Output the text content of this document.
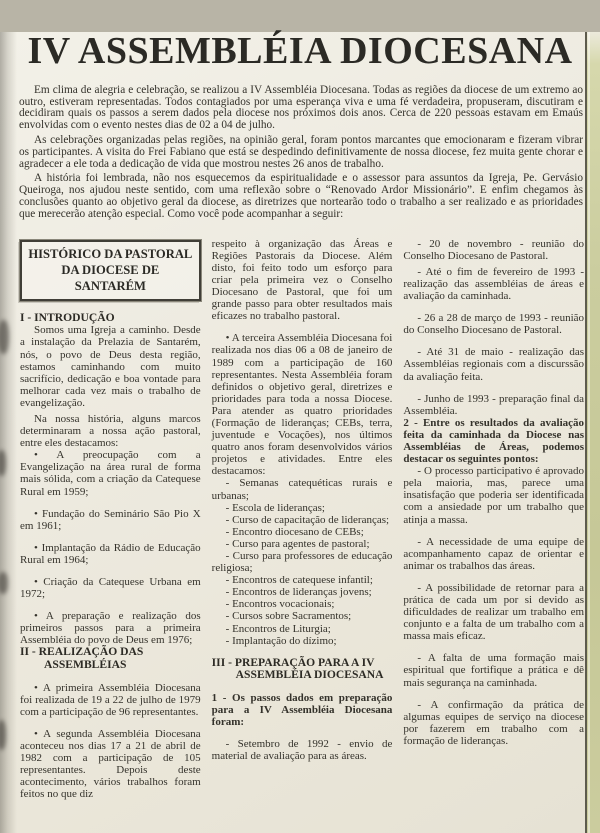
IV ASSEMBLÉIA DIOCESANA

Em clima de alegria e celebração, se realizou a IV Assembléia Diocesana. Todas as regiões da diocese de um extremo ao outro, estiveram representadas. Todos contagiados por uma esperança viva e uma fé verdadeira, propuseram, discutiram e decidiram quais os passos a serem dados pela diocese nos próximos dois anos. Cerca de 220 pessoas estavam em Emaús envolvidas com o evento nestes dias de 02 a 04 de julho.

As celebrações organizadas pelas regiões, na opinião geral, foram pontos marcantes que emocionaram e fizeram vibrar os participantes. A visita do Frei Fabiano que está se despedindo definitivamente de nossa diocese, fez muita gente chorar e agradecer a ele toda a dedicação de vida que mostrou nestes 26 anos de trabalho.

A história foi lembrada, não nos esquecemos da espiritualidade e o assessor para assuntos da Igreja, Pe. Gervásio Queiroga, nos ajudou neste sentido, com uma reflexão sobre o “Renovado Ardor Missionário”. E enfim chegamos às conclusões quanto ao objetivo geral da diocese, as diretrizes que nortearão todo o trabalho a ser realizado e as prioridades que merecerão atenção especial. Como você pode acompanhar a seguir:

HISTÓRICO DA PASTORAL DA DIOCESE DE SANTARÉM
I - INTRODUÇÃO

Somos uma Igreja a caminho. Desde a instalação da Prelazia de Santarém, nós, o povo de Deus desta região, estamos caminhando com muito sacrifício, dedicação e boa vontade para melhorar cada vez mais o trabalho de evangelização.

Na nossa história, alguns marcos determinaram a nossa ação pastoral, entre eles destacamos:

• A preocupação com a Evangelização na área rural de forma mais sólida, com a criação da Catequese Rural em 1959;

• Fundação do Seminário São Pio X em 1961;

• Implantação da Rádio de Educação Rural em 1964;

• Criação da Catequese Urbana em 1972;

• A preparação e realização dos primeiros passos para a primeira Assembléia do povo de Deus em 1976;

II - REALIZAÇÃO DAS ASSEMBLÉIAS

• A primeira Assembléia Diocesana foi realizada de 19 a 22 de julho de 1979 com a participação de 96 representantes.

• A segunda Assembléia Diocesana aconteceu nos dias 17 a 21 de abril de 1982 com a participação de 105 representantes. Depois deste acontecimento, vários trabalhos foram feitos no que diz

respeito à organização das Áreas e Regiões Pastorais da Diocese. Além disto, foi feito todo um esforço para criar pela primeira vez o Conselho Diocesano de Pastoral, que foi um grande passo para obter resultados mais eficazes no trabalho pastoral.

• A terceira Assembléia Diocesana foi realizada nos dias 06 a 08 de janeiro de 1989 com a participação de 160 representantes. Nesta Assembléia foram definidos o objetivo geral, diretrizes e prioridades para toda a nossa Diocese. Para atender as quatro prioridades (Formação de lideranças; CEBs, terra, juventude e Vocações), nos últimos quatro anos foram desenvolvidos vários projetos e atividades. Entre eles destacamos:

- Semanas catequéticas rurais e urbanas;

- Escola de lideranças;

- Curso de capacitação de lideranças;

- Encontro diocesano de CEBs;

- Curso para agentes de pastoral;

- Curso para professores de educação religiosa;

- Encontros de catequese infantil;

- Encontros de lideranças jovens;

- Encontros vocacionais;

- Cursos sobre Sacramentos;

- Encontros de Liturgia;

- Implantação do dízimo;

III - PREPARAÇÃO PARA A IV ASSEMBLÉIA DIOCESANA

1 - Os passos dados em preparação para a IV Assembléia Diocesana foram:

- Setembro de 1992 - envio de material de avaliação para as áreas.

- 20 de novembro - reunião do Conselho Diocesano de Pastoral.

- Até o fim de fevereiro de 1993 - realização das assembléias de áreas e avaliação da caminhada.

- 26 a 28 de março de 1993 - reunião do Conselho Diocesano de Pastoral.

- Até 31 de maio - realização das Assembléias regionais com a discurssão da avaliação feita.

- Junho de 1993 - preparação final da Assembléia.

2 - Entre os resultados da avaliação feita da caminhada da Diocese nas Assembléias de Áreas, podemos destacar os seguintes pontos:

- O processo participativo é aprovado pela maioria, mas, parece uma insatisfação que poderia ser identificada com a ansiedade por um trabalho que atinja a massa.

- A necessidade de uma equipe de acompanhamento capaz de orientar e animar os trabalhos das áreas.

- A possibilidade de retornar para a prática de cada um por si devido as dificuldades de realizar um trabalho em conjunto e a falta de um trabalho com a massa mais eficaz.

- A falta de uma formação mais espiritual que fortifique a prática e dê mais segurança na caminhada.

- A confirmação da prática de algumas equipes de serviço na diocese por fazerem em trabalho com a formação de lideranças.
